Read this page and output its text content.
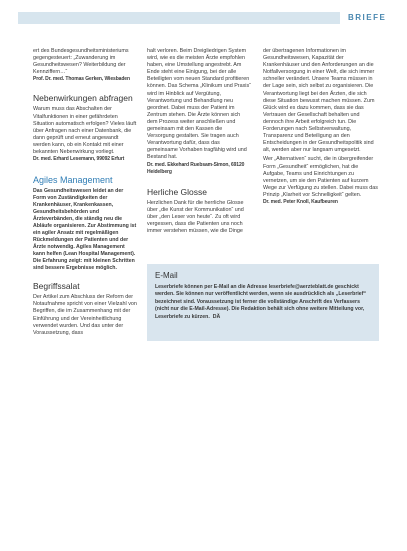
BRIEFE

ert des Bundesgesundheitsministeriums gegengesteuert: „Zuwanderung im Gesundheitswesen? Weiterbildung der Kennziffern…“

Prof. Dr. med. Thomas Gerken, Wiesbaden

Nebenwirkungen abfragen

Warum muss das Abschalten der Vitalfunktionen in einer gefährdeten Situation automatisch erfolgen? Vieles läuft über Anfragen nach einer Datenbank, die dann geprüft und erneut angewandt werden kann, ob ein Kontakt mit einer bekannten Nebenwirkung vorliegt.

Dr. med. Erhard Lesemann, 99092 Erfurt

Agiles Management

Das Gesundheitswesen leidet an der Form von Zuständigkeiten der Krankenhäuser, Krankenkassen, Gesundheitsbehörden und Ärzteverbänden, die ständig neu die Abläufe organisieren. Zur Abstimmung ist ein agiler Ansatz mit regelmäßigen Rückmeldungen der Patienten und der Ärzte notwendig. Agiles Management kann helfen (Lean Hospital Management). Die Erfahrung zeigt: mit kleinen Schritten sind bessere Ergebnisse möglich.

Begriffssalat

Der Artikel zum Abschluss der Reform der Notaufnahme spricht von einer Vielzahl von Begriffen, die im Zusammenhang mit der Einführung und der Vereinheitlichung verwendet wurden. Und das unter der Voraussetzung, dass

halt verloren. Beim Dreigliedrigen System wird, wie es die meisten Ärzte empfohlen haben, eine Umstellung angestrebt. Am Ende steht eine Einigung, bei der alle Beteiligten vom neuen Standard profitieren können. Das Schema „Klinikum und Praxis“ wird im Hinblick auf Vergütung, Verantwortung und Behandlung neu geordnet. Dabei muss der Patient im Zentrum stehen. Die Ärzte können sich dem Prozess weiter anschließen und gemeinsam mit den Kassen die Versorgung gestalten. Sie tragen auch Verantwortung dafür, dass das gemeinsame Vorhaben tragfähig wird und Bestand hat.

Dr. med. Ekkehard Ruebsam-Simon, 69120 Heidelberg

Herliche Glosse

Herzlichen Dank für die herrliche Glosse über „die Kunst der Kommunikation“ und über „den Leser von heute“. Zu oft wird vergessen, dass die Patienten uns noch immer verstehen müssen, wie die Dinge

der übertragenen Informationen im Gesundheitswesen, Kapazität der Krankenhäuser und den Anforderungen an die Notfallversorgung in einer Welt, die sich immer schneller verändert. Unsere Teams müssen in der Lage sein, sich selbst zu organisieren. Die Verantwortung liegt bei den Ärzten, die sich diese Situation bewusst machen müssen. Zum Glück wird es dazu kommen, dass sie das Vertrauen der Gesellschaft behalten und dennoch ihre Arbeit erfolgreich tun. Die Forderungen nach Selbstverwaltung, Transparenz und Beteiligung an den Entscheidungen in der Gesundheitspolitik sind alt, werden aber nur langsam umgesetzt.

Wer „Alternativen“ sucht, die in übergreifender Form „Gesundheit“ ermöglichen, hat die Aufgabe, Teams und Einrichtungen zu vernetzen, um sie den Patienten auf kurzem Wege zur Verfügung zu stellen. Dabei muss das Prinzip „Klarheit vor Schnelligkeit“ gelten.

Dr. med. Peter Knoll, Kaufbeuren

E-Mail
Leserbriefe können per E-Mail an die Adresse leserbriefe@aerzteblatt.de geschickt werden. Sie können nur veröffentlicht werden, wenn sie ausdrücklich als „Leserbrief“ bezeichnet sind. Voraussetzung ist ferner die vollständige Anschrift des Verfassers (nicht nur die E-Mail-Adresse). Die Redaktion behält sich ohne weitere Mitteilung vor, Leserbriefe zu kürzen. DÄ
